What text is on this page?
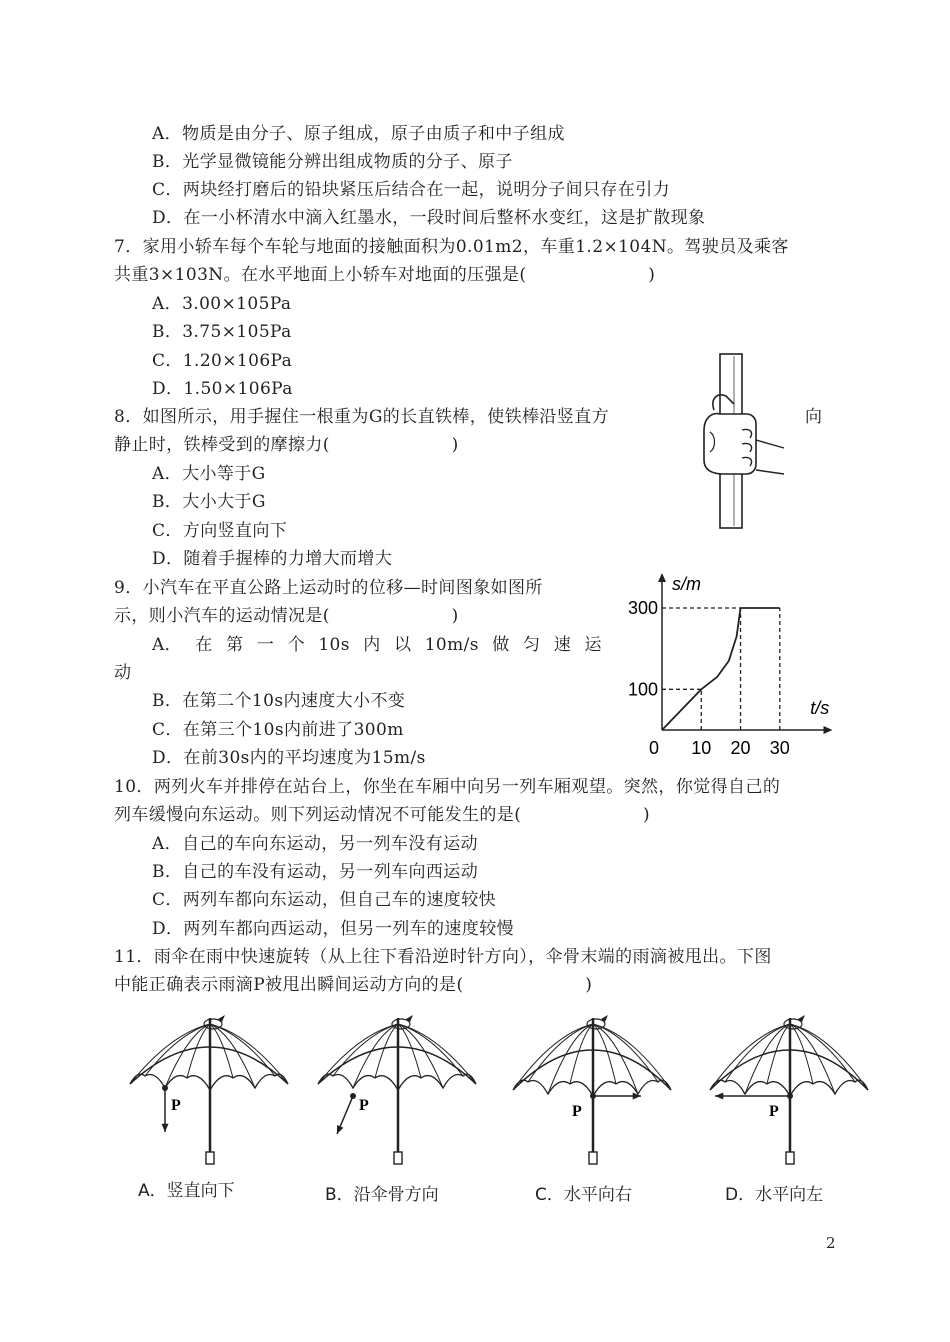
A．物质是由分子、原子组成，原子由质子和中子组成
B．光学显微镜能分辨出组成物质的分子、原子
C．两块经打磨后的铅块紧压后结合在一起，说明分子间只存在引力
D．在一小杯清水中滴入红墨水，一段时间后整杯水变红，这是扩散现象
7．家用小轿车每个车轮与地面的接触面积为0.01m2，车重1.2×104N。驾驶员及乘客
共重3×103N。在水平地面上小轿车对地面的压强是(　　　　　　　)
A．3.00×105Pa
B．3.75×105Pa
C．1.20×106Pa
D．1.50×106Pa
8．如图所示，用手握住一根重为G的长直铁棒，使铁棒沿竖直方	向
静止时，铁棒受到的摩擦力(　　　　　　　)
A．大小等于G
B．大小大于G
C．方向竖直向下
D．随着手握棒的力增大而增大
9．小汽车在平直公路上运动时的位移—时间图象如图所
示，则小汽车的运动情况是(　　　　　　　)
A． 在 第 一 个 10s 内 以 10m/s 做 匀 速 运
动
B．在第二个10s内速度大小不变
C．在第三个10s内前进了300m
D．在前30s内的平均速度为15m/s	0 10 20 30
100
300
s/m
t/s
10．两列火车并排停在站台上，你坐在车厢中向另一列车厢观望。突然，你觉得自己的
列车缓慢向东运动。则下列运动情况不可能发生的是(　　　　　　　)
A．自己的车向东运动，另一列车没有运动
B．自己的车没有运动，另一列车向西运动
C．两列车都向东运动，但自己车的速度较快
D．两列车都向西运动，但另一列车的速度较慢
11．雨伞在雨中快速旋转（从上往下看沿逆时针方向），伞骨末端的雨滴被甩出。下图
中能正确表示雨滴P被甩出瞬间运动方向的是(　　　　　　　)
P	P	P	P
A．竖直向下	B．沿伞骨方向	C．水平向右	D．水平向左
2
